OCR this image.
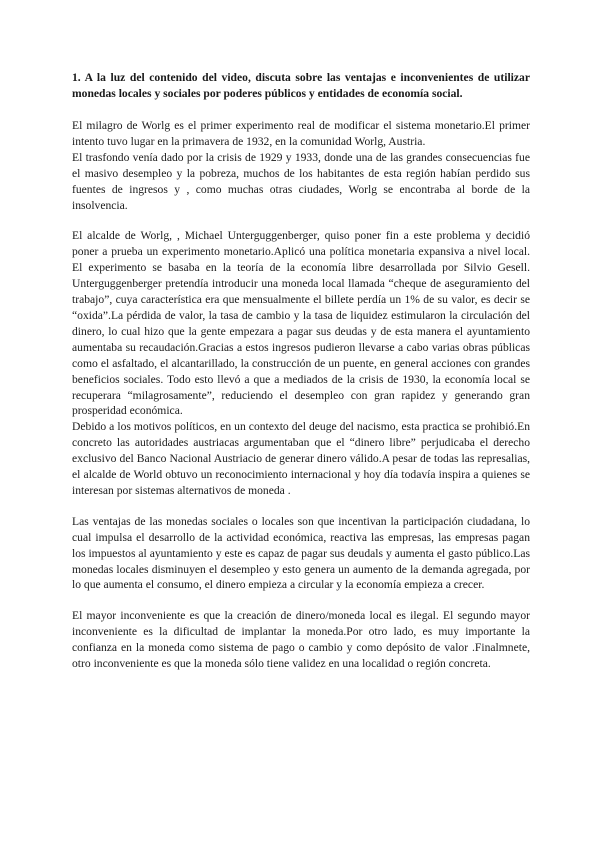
1. A la luz del contenido del video, discuta sobre las ventajas e inconvenientes de utilizar monedas locales y sociales por poderes públicos y entidades de economía social.

El milagro de Worlg es el primer experimento real de modificar el sistema monetario.El primer intento tuvo lugar en la primavera de 1932, en la comunidad Worlg, Austria.

El trasfondo venía dado por la crisis de 1929 y 1933, donde una de las grandes consecuencias fue el masivo desempleo y la pobreza, muchos de los habitantes de esta región habían perdido sus fuentes de ingresos y , como muchas otras ciudades, Worlg se encontraba al borde de la insolvencia.

El alcalde de Worlg, , Michael Unterguggenberger, quiso poner fin a este problema y decidió poner a prueba un experimento monetario.Aplicó una política monetaria expansiva a nivel local. El experimento se basaba en la teoría de la economía libre desarrollada por Silvio Gesell. Unterguggenberger pretendía introducir una moneda local llamada “cheque de aseguramiento del trabajo”, cuya característica era que mensualmente el billete perdía un 1% de su valor, es decir se “oxida”.La pérdida de valor, la tasa de cambio y la tasa de liquidez estimularon la circulación del dinero, lo cual hizo que la gente empezara a pagar sus deudas y de esta manera el ayuntamiento aumentaba su recaudación.Gracias a estos ingresos pudieron llevarse a cabo varias obras públicas como el asfaltado, el alcantarillado, la construcción de un puente, en general acciones con grandes beneficios sociales. Todo esto llevó a que a mediados de la crisis de 1930, la economía local se recuperara “milagrosamente”, reduciendo el desempleo con gran rapidez y generando gran prosperidad económica.

Debido a los motivos políticos, en un contexto del deuge del nacismo, esta practica se prohibió.En concreto las autoridades austriacas argumentaban que el “dinero libre” perjudicaba el derecho exclusivo del Banco Nacional Austriacio de generar dinero válido.A pesar de todas las represalias, el alcalde de World obtuvo un reconocimiento internacional y hoy día todavía inspira a quienes se interesan por sistemas alternativos de moneda .

Las ventajas de las monedas sociales o locales son que incentivan la participación ciudadana, lo cual impulsa el desarrollo de la actividad económica, reactiva las empresas, las empresas pagan los impuestos al ayuntamiento y este es capaz de pagar sus deudals y aumenta el gasto público.Las monedas locales disminuyen el desempleo y esto genera un aumento de la demanda agregada, por lo que aumenta el consumo, el dinero empieza a circular y la economía empieza a crecer.

El mayor inconveniente es que la creación de dinero/moneda local es ilegal. El segundo mayor inconveniente es la dificultad de implantar la moneda.Por otro lado, es muy importante la confianza en la moneda como sistema de pago o cambio y como depósito de valor .Finalmnete, otro inconveniente es que la moneda sólo tiene validez en una localidad o región concreta.
